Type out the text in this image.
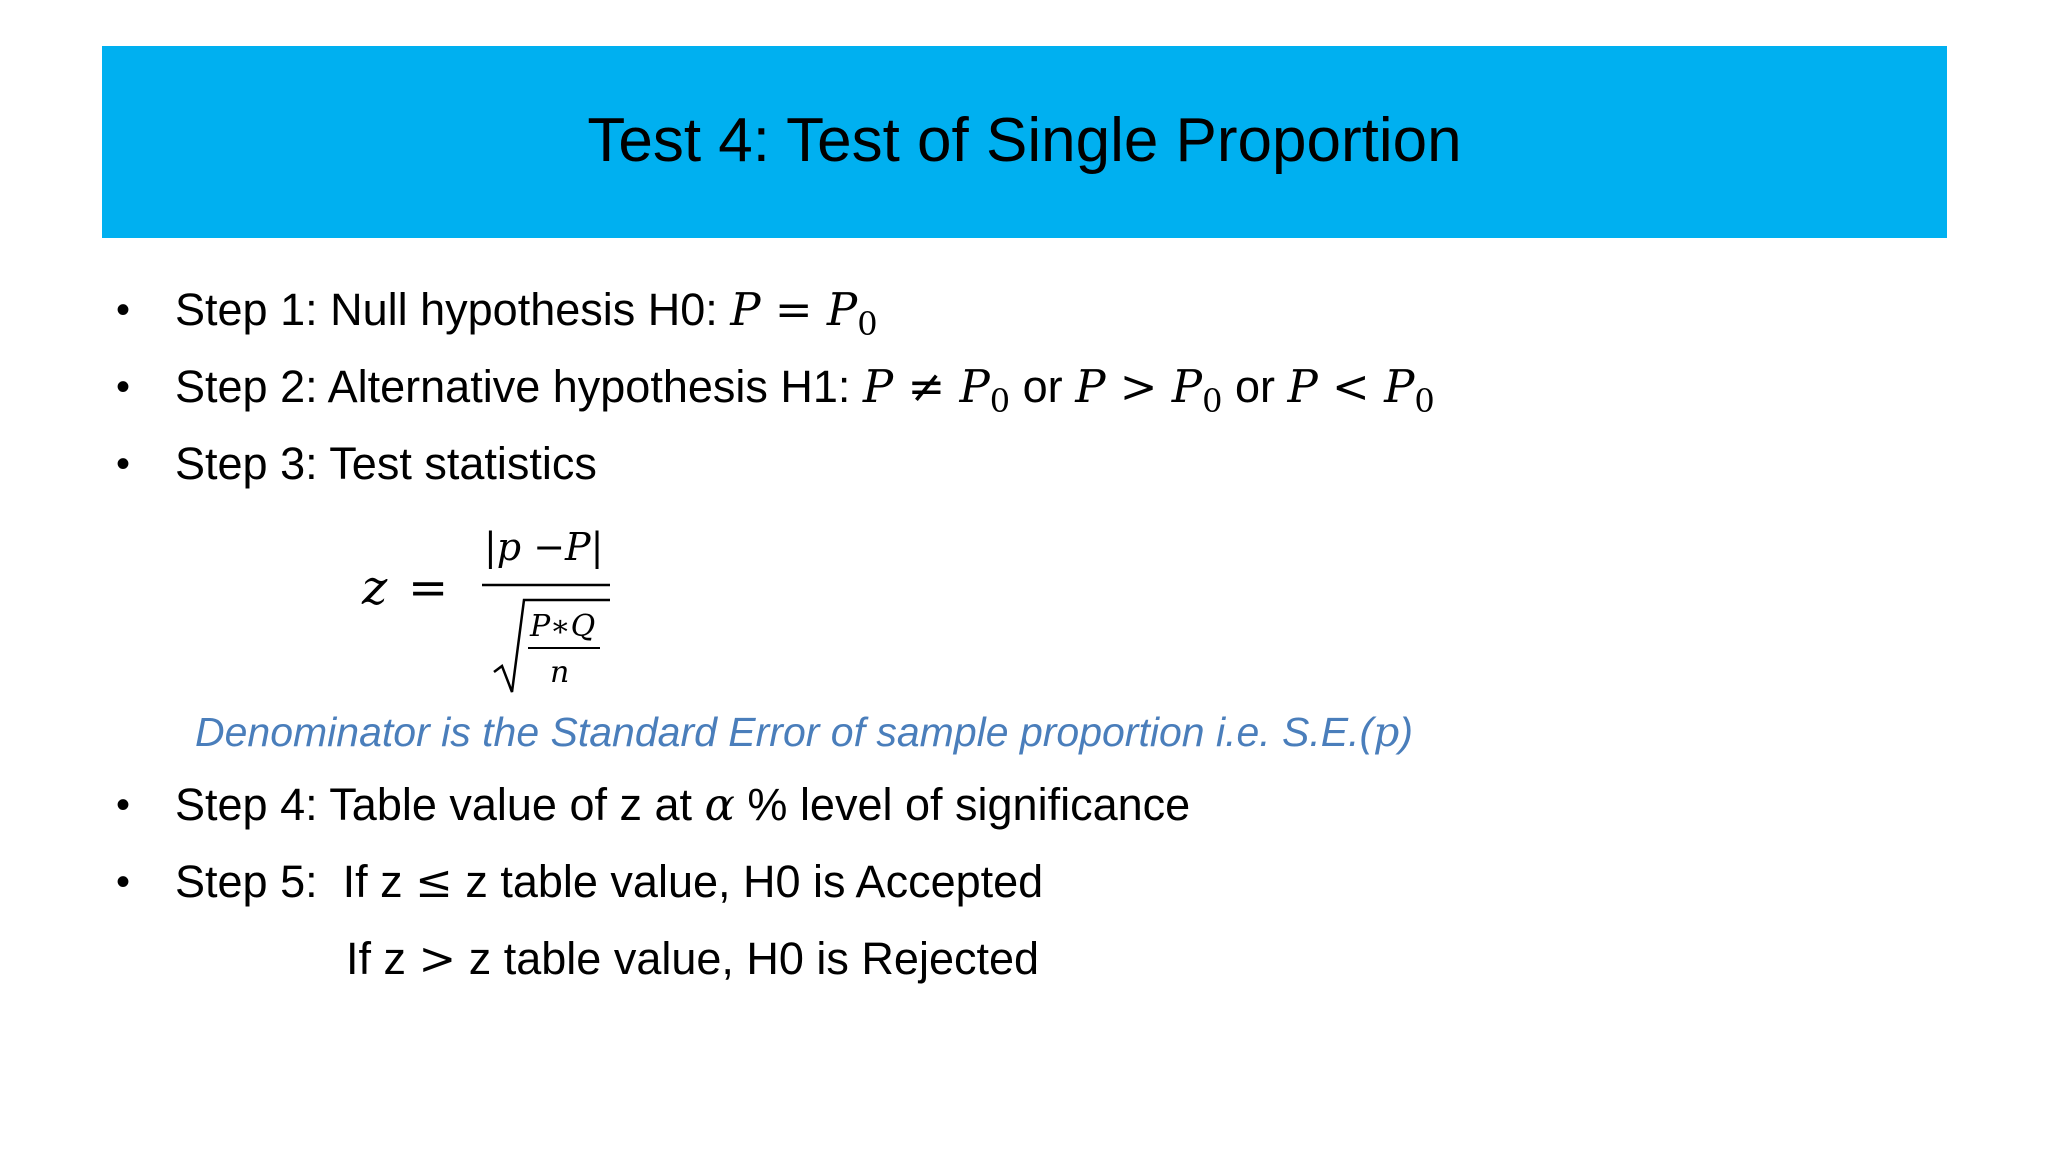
Test 4: Test of Single Proportion
• Step 1: Null hypothesis H0: $P = P_0$
• Step 2: Alternative hypothesis H1: $P \ne P_0$ or $P > P_0$ or $P < P_0$
• Step 3: Test statistics
z =
|p −P|
P∗Q
n
Denominator is the Standard Error of sample proportion i.e. S.E.(p)
• Step 4: Table value of z at α % level of significance
• Step 5:  If z ≤ z table value, H0 is Accepted
If z > z table value, H0 is Rejected
